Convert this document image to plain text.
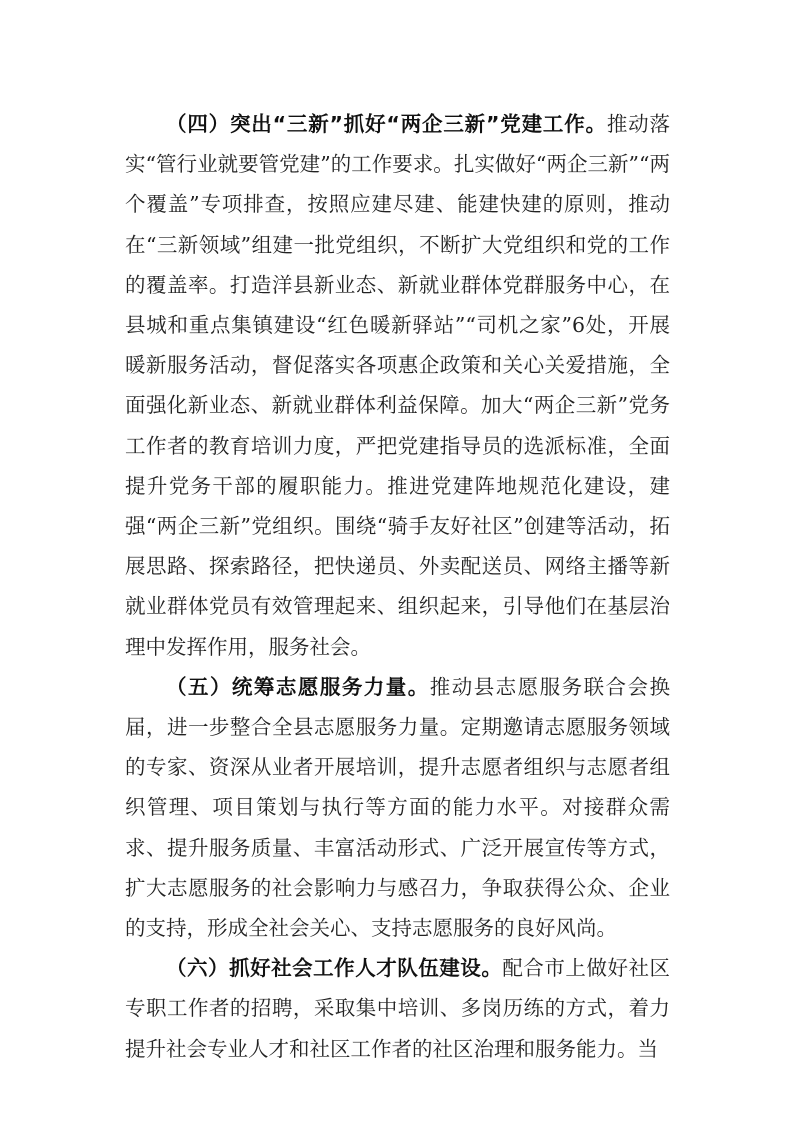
（四）突出“三新”抓好“两企三新”党建工作。推动落实“管行业就要管党建”的工作要求。扎实做好“两企三新”“两个覆盖”专项排查，按照应建尽建、能建快建的原则，推动在“三新领域”组建一批党组织，不断扩大党组织和党的工作的覆盖率。打造洋县新业态、新就业群体党群服务中心，在县城和重点集镇建设“红色暖新驿站”“司机之家”6处，开展暖新服务活动，督促落实各项惠企政策和关心关爱措施，全面强化新业态、新就业群体利益保障。加大“两企三新”党务工作者的教育培训力度，严把党建指导员的选派标准，全面提升党务干部的履职能力。推进党建阵地规范化建设，建强“两企三新”党组织。围绕“骑手友好社区”创建等活动，拓展思路、探索路径，把快递员、外卖配送员、网络主播等新就业群体党员有效管理起来、组织起来，引导他们在基层治理中发挥作用，服务社会。

（五）统筹志愿服务力量。推动县志愿服务联合会换届，进一步整合全县志愿服务力量。定期邀请志愿服务领域的专家、资深从业者开展培训，提升志愿者组织与志愿者组织管理、项目策划与执行等方面的能力水平。对接群众需求、提升服务质量、丰富活动形式、广泛开展宣传等方式，扩大志愿服务的社会影响力与感召力，争取获得公众、企业的支持，形成全社会关心、支持志愿服务的良好风尚。

（六）抓好社会工作人才队伍建设。配合市上做好社区专职工作者的招聘，采取集中培训、多岗历练的方式，着力提升社会专业人才和社区工作者的社区治理和服务能力。当
